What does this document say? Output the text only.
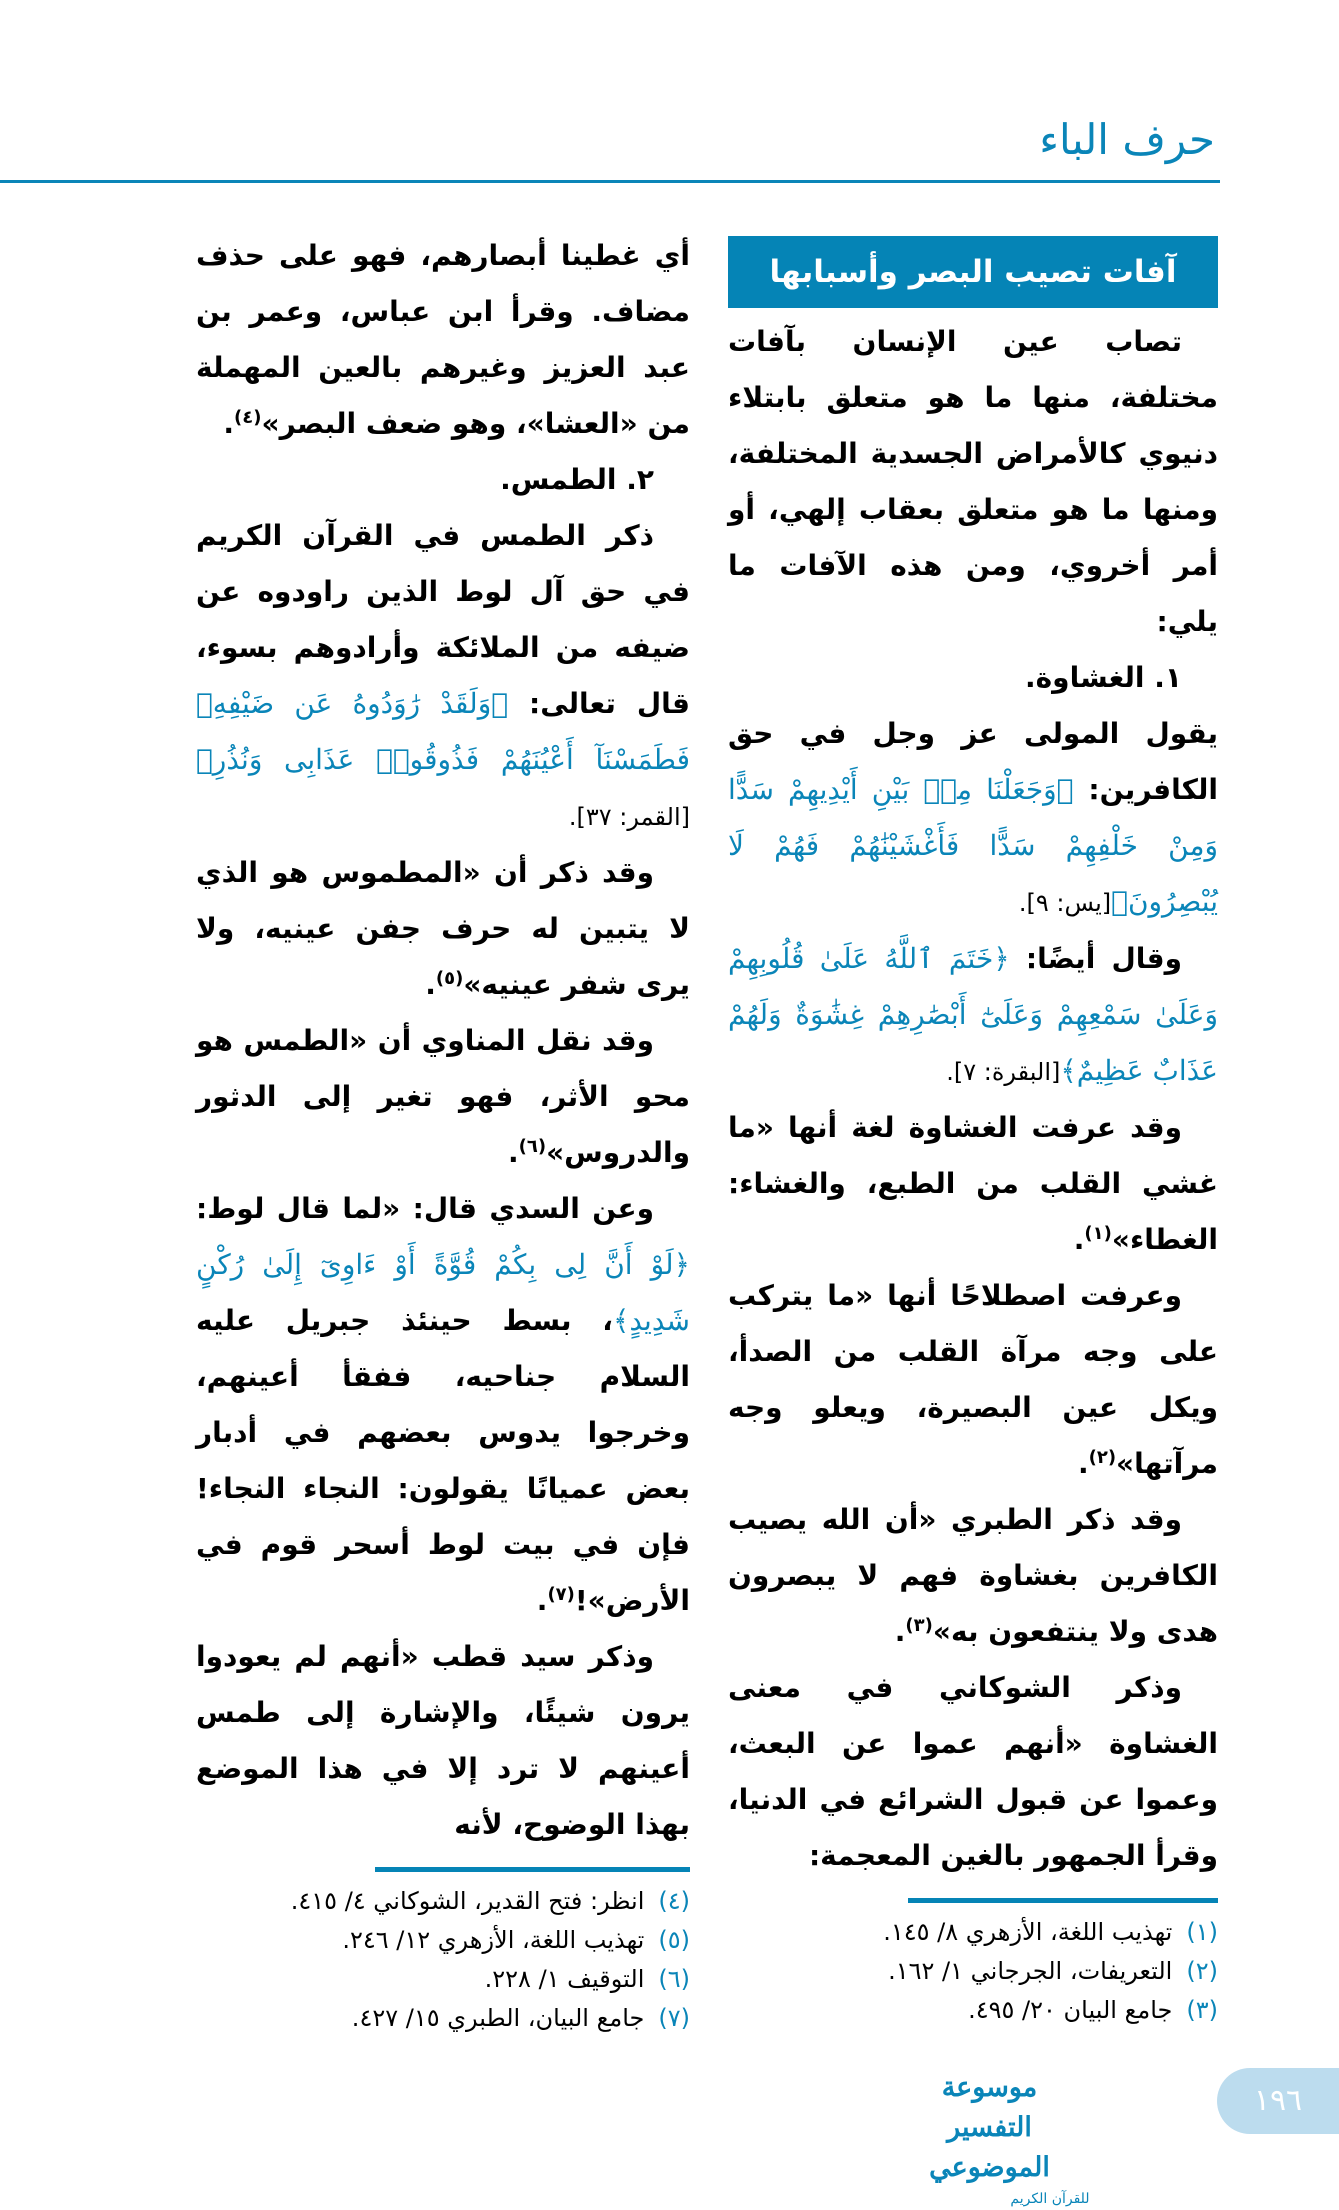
حرف الباء
آفات تصيب البصر وأسبابها

تصاب عين الإنسان بآفات مختلفة، منها ما هو متعلق بابتلاء دنيوي كالأمراض الجسدية المختلفة، ومنها ما هو متعلق بعقاب إلهي، أو أمر أخروي، ومن هذه الآفات ما يلي:

١. الغشاوة.

يقول المولى عز وجل في حق الكافرين: ﴿وَجَعَلْنَا مِنۢ بَيْنِ أَيْدِيهِمْ سَدًّا وَمِنْ خَلْفِهِمْ سَدًّا فَأَغْشَيْنَٰهُمْ فَهُمْ لَا يُبْصِرُونَ﴾[يس: ٩].

وقال أيضًا: ﴿خَتَمَ ٱللَّهُ عَلَىٰ قُلُوبِهِمْ وَعَلَىٰ سَمْعِهِمْ وَعَلَىٰٓ أَبْصَٰرِهِمْ غِشَٰوَةٌ وَلَهُمْ عَذَابٌ عَظِيمٌ﴾[البقرة: ٧].

وقد عرفت الغشاوة لغة أنها «ما غشي القلب من الطبع، والغشاء: الغطاء»$^{(١)}$.

وعرفت اصطلاحًا أنها «ما يتركب على وجه مرآة القلب من الصدأ، ويكل عين البصيرة، ويعلو وجه مرآتها»$^{(٢)}$.

وقد ذكر الطبري «أن الله يصيب الكافرين بغشاوة فهم لا يبصرون هدى ولا ينتفعون به»$^{(٣)}$.

وذكر الشوكاني في معنى الغشاوة «أنهم عموا عن البعث، وعموا عن قبول الشرائع في الدنيا، وقرأ الجمهور بالغين المعجمة:

(١)تهذيب اللغة، الأزهري ٨/ ١٤٥.
(٢)التعريفات، الجرجاني ١/ ١٦٢.
(٣)جامع البيان ٢٠/ ٤٩٥.

أي غطينا أبصارهم، فهو على حذف مضاف. وقرأ ابن عباس، وعمر بن عبد العزيز وغيرهم بالعين المهملة من «العشا»، وهو ضعف البصر»$^{(٤)}$.

٢. الطمس.

ذكر الطمس في القرآن الكريم في حق آل لوط الذين راودوه عن ضيفه من الملائكة وأرادوهم بسوء، قال تعالى: ﴿وَلَقَدْ رَٰوَدُوهُ عَن ضَيْفِهِۦ فَطَمَسْنَآ أَعْيُنَهُمْ فَذُوقُوا۟ عَذَابِى وَنُذُرِ﴾[القمر: ٣٧].

وقد ذكر أن «المطموس هو الذي لا يتبين له حرف جفن عينيه، ولا يرى شفر عينيه»$^{(٥)}$.

وقد نقل المناوي أن «الطمس هو محو الأثر، فهو تغير إلى الدثور والدروس»$^{(٦)}$.

وعن السدي قال: «لما قال لوط: ﴿لَوْ أَنَّ لِى بِكُمْ قُوَّةً أَوْ ءَاوِىٓ إِلَىٰ رُكْنٍ شَدِيدٍ﴾، بسط حينئذ جبريل عليه السلام جناحيه، ففقأ أعينهم، وخرجوا يدوس بعضهم في أدبار بعض عميانًا يقولون: النجاء النجاء! فإن في بيت لوط أسحر قوم في الأرض»!$^{(٧)}$.

وذكر سيد قطب «أنهم لم يعودوا يرون شيئًا، والإشارة إلى طمس أعينهم لا ترد إلا في هذا الموضع بهذا الوضوح، لأنه

(٤)انظر: فتح القدير، الشوكاني ٤/ ٤١٥.
(٥)تهذيب اللغة، الأزهري ١٢/ ٢٤٦.
(٦)التوقيف ١/ ٢٢٨.
(٧)جامع البيان، الطبري ١٥/ ٤٢٧.
موسوعة التفسير الموضوعي
للقرآن الكريم
١٩٦
